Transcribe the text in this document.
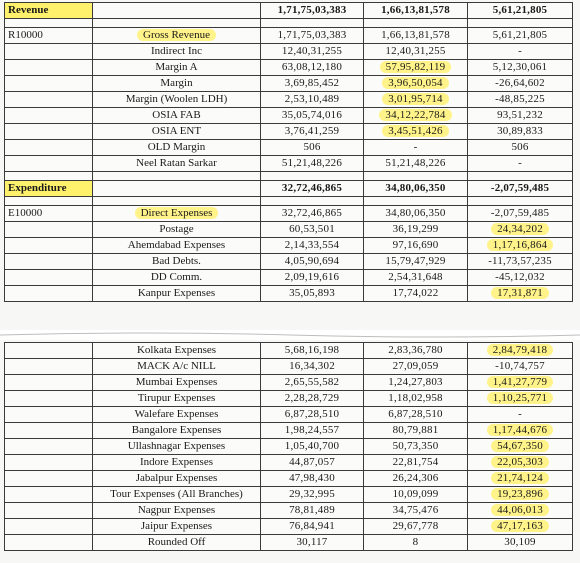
Revenue		1,71,75,03,383	1,66,13,81,578	5,61,21,805

R10000	Gross Revenue	1,71,75,03,383	1,66,13,81,578	5,61,21,805
	Indirect Inc	12,40,31,255	12,40,31,255	-
	Margin A	63,08,12,180	57,95,82,119	5,12,30,061
	Margin	3,69,85,452	3,96,50,054	-26,64,602
	Margin (Woolen LDH)	2,53,10,489	3,01,95,714	-48,85,225
	OSIA FAB	35,05,74,016	34,12,22,784	93,51,232
	OSIA ENT	3,76,41,259	3,45,51,426	30,89,833
	OLD Margin	506	-	506
	Neel Ratan Sarkar	51,21,48,226	51,21,48,226	-

Expenditure		32,72,46,865	34,80,06,350	-2,07,59,485

E10000	Direct Expenses	32,72,46,865	34,80,06,350	-2,07,59,485
	Postage	60,53,501	36,19,299	24,34,202
	Ahemdabad Expenses	2,14,33,554	97,16,690	1,17,16,864
	Bad Debts.	4,05,90,694	15,79,47,929	-11,73,57,235
	DD Comm.	2,09,19,616	2,54,31,648	-45,12,032
	Kanpur Expenses	35,05,893	17,74,022	17,31,871
	Kolkata Expenses	5,68,16,198	2,83,36,780	2,84,79,418
	MACK A/c NILL	16,34,302	27,09,059	-10,74,757
	Mumbai Expenses	2,65,55,582	1,24,27,803	1,41,27,779
	Tirupur Expenses	2,28,28,729	1,18,02,958	1,10,25,771
	Walefare Expenses	6,87,28,510	6,87,28,510	-
	Bangalore Expenses	1,98,24,557	80,79,881	1,17,44,676
	Ullashnagar Expenses	1,05,40,700	50,73,350	54,67,350
	Indore Expenses	44,87,057	22,81,754	22,05,303
	Jabalpur Expenses	47,98,430	26,24,306	21,74,124
	Tour Expenses (All Branches)	29,32,995	10,09,099	19,23,896
	Nagpur Expenses	78,81,489	34,75,476	44,06,013
	Jaipur Expenses	76,84,941	29,67,778	47,17,163
	Rounded Off	30,117	8	30,109
